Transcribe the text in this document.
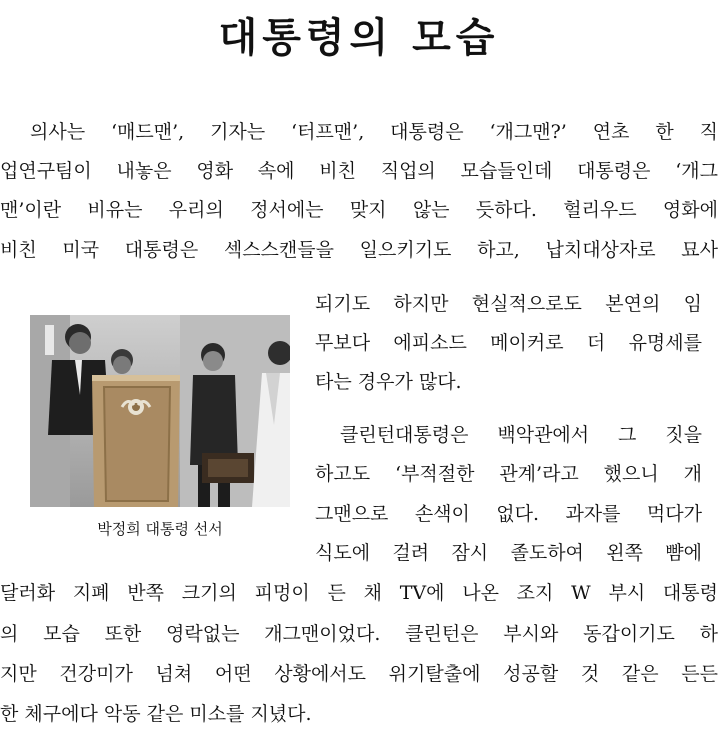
대통령의 모습
의사는 ‘매드맨’, 기자는 ‘터프맨’, 대통령은 ‘개그맨?’ 연초 한 직
업연구팀이 내놓은 영화 속에 비친 직업의 모습들인데 대통령은 ‘개그
맨’이란 비유는 우리의 정서에는 맞지 않는 듯하다. 헐리우드 영화에
비친 미국 대통령은 섹스스캔들을 일으키기도 하고, 납치대상자로 묘사
되기도 하지만 현실적으로도 본연의 임
무보다 에피소드 메이커로 더 유명세를
타는 경우가 많다.
클린턴대통령은 백악관에서 그 짓을
하고도 ‘부적절한 관계’라고 했으니 개
그맨으로 손색이 없다. 과자를 먹다가
식도에 걸려 잠시 졸도하여 왼쪽 뺨에
달러화 지폐 반쪽 크기의 피멍이 든 채 TV에 나온 조지 W 부시 대통령
의 모습 또한 영락없는 개그맨이었다. 클린턴은 부시와 동갑이기도 하
지만 건강미가 넘쳐 어떤 상황에서도 위기탈출에 성공할 것 같은 든든
한 체구에다 악동 같은 미소를 지녔다.
박정희 대통령 선서
